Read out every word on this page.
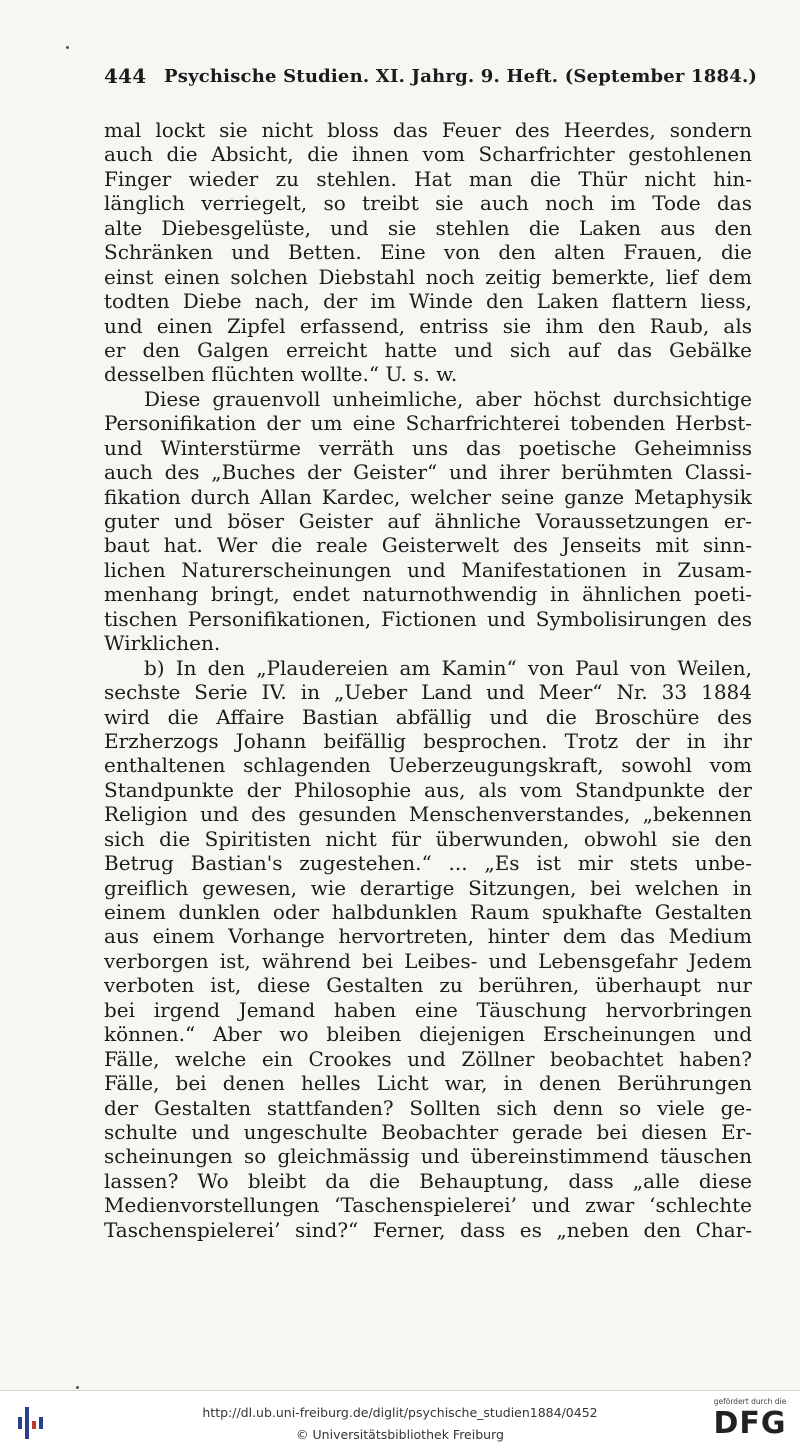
444 Psychische Studien. XI. Jahrg. 9. Heft. (September 1884.)
mal lockt sie nicht bloss das Feuer des Heerdes, sondern
auch die Absicht, die ihnen vom Scharfrichter gestohlenen
Finger wieder zu stehlen. Hat man die Thür nicht hin-
länglich verriegelt, so treibt sie auch noch im Tode das
alte Diebesgelüste, und sie stehlen die Laken aus den
Schränken und Betten. Eine von den alten Frauen, die
einst einen solchen Diebstahl noch zeitig bemerkte, lief dem
todten Diebe nach, der im Winde den Laken flattern liess,
und einen Zipfel erfassend, entriss sie ihm den Raub, als
er den Galgen erreicht hatte und sich auf das Gebälke
desselben flüchten wollte.“ U. s. w.
Diese grauenvoll unheimliche, aber höchst durchsichtige
Personifikation der um eine Scharfrichterei tobenden Herbst-
und Winterstürme verräth uns das poetische Geheimniss
auch des „Buches der Geister“ und ihrer berühmten Classi-
fikation durch Allan Kardec, welcher seine ganze Metaphysik
guter und böser Geister auf ähnliche Voraussetzungen er-
baut hat. Wer die reale Geisterwelt des Jenseits mit sinn-
lichen Naturerscheinungen und Manifestationen in Zusam-
menhang bringt, endet naturnothwendig in ähnlichen poeti-
tischen Personifikationen, Fictionen und Symbolisirungen des
Wirklichen.
b) In den „Plaudereien am Kamin“ von Paul von Weilen,
sechste Serie IV. in „Ueber Land und Meer“ Nr. 33 1884
wird die Affaire Bastian abfällig und die Broschüre des
Erzherzogs Johann beifällig besprochen. Trotz der in ihr
enthaltenen schlagenden Ueberzeugungskraft, sowohl vom
Standpunkte der Philosophie aus, als vom Standpunkte der
Religion und des gesunden Menschenverstandes, „bekennen
sich die Spiritisten nicht für überwunden, obwohl sie den
Betrug Bastian's zugestehen.“ ... „Es ist mir stets unbe-
greiflich gewesen, wie derartige Sitzungen, bei welchen in
einem dunklen oder halbdunklen Raum spukhafte Gestalten
aus einem Vorhange hervortreten, hinter dem das Medium
verborgen ist, während bei Leibes- und Lebensgefahr Jedem
verboten ist, diese Gestalten zu berühren, überhaupt nur
bei irgend Jemand haben eine Täuschung hervorbringen
können.“ Aber wo bleiben diejenigen Erscheinungen und
Fälle, welche ein Crookes und Zöllner beobachtet haben?
Fälle, bei denen helles Licht war, in denen Berührungen
der Gestalten stattfanden? Sollten sich denn so viele ge-
schulte und ungeschulte Beobachter gerade bei diesen Er-
scheinungen so gleichmässig und übereinstimmend täuschen
lassen? Wo bleibt da die Behauptung, dass „alle diese
Medienvorstellungen ‘Taschenspielerei’ und zwar ‘schlechte
Taschenspielerei’ sind?“ Ferner, dass es „neben den Char-
http://dl.ub.uni-freiburg.de/diglit/psychische_studien1884/0452
© Universitätsbibliothek Freiburg
gefördert durch die
DFG
